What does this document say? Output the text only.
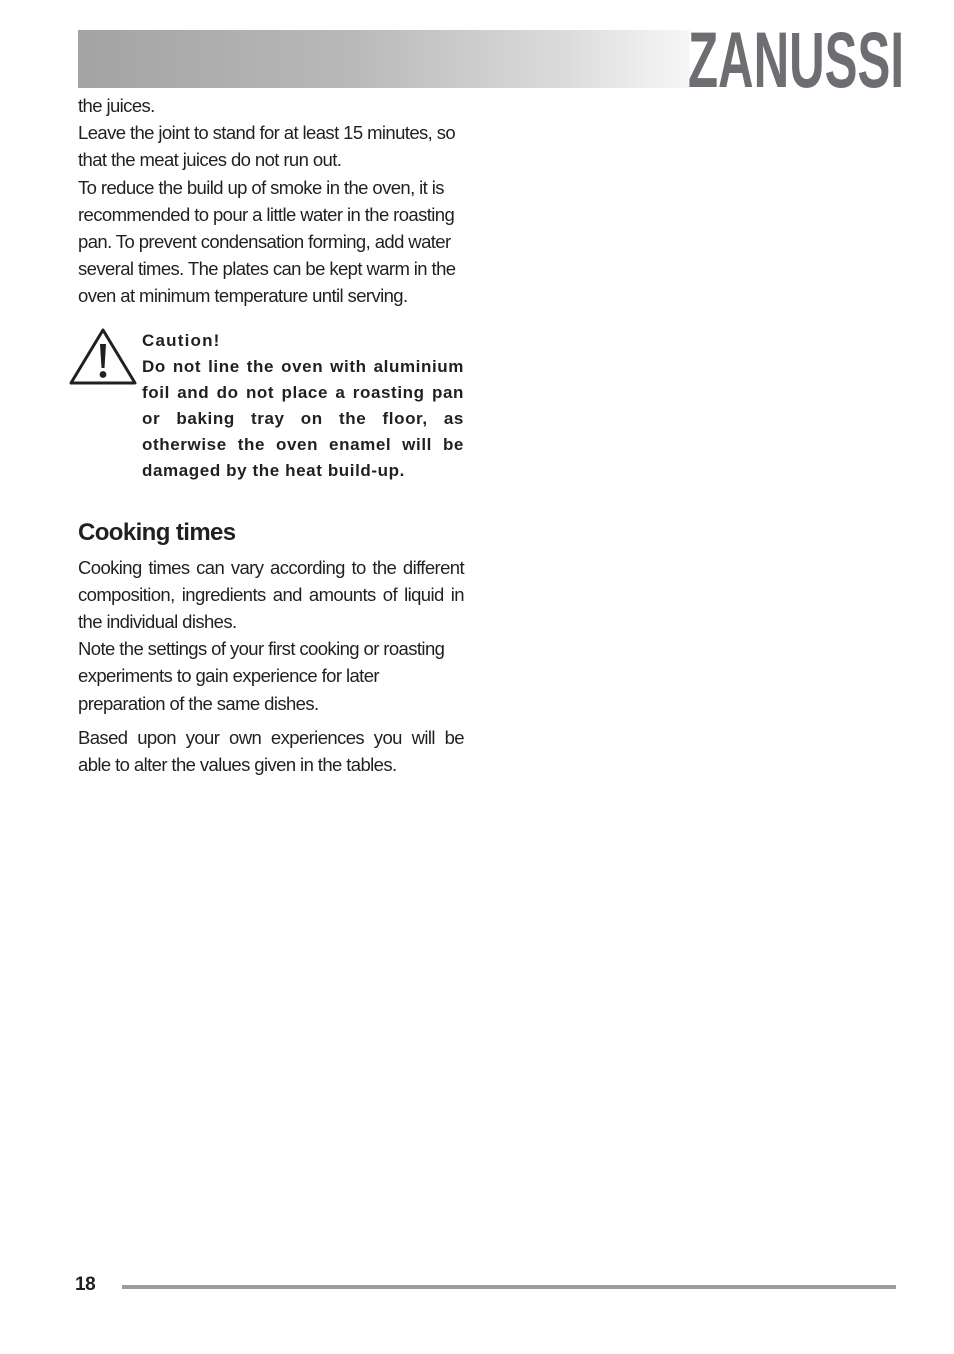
ZANUSSI

the juices.

Leave the joint to stand for at least 15 minutes, so that the meat juices do not run out.

To reduce the build up of smoke in the oven, it is recommended to pour a little water in the roasting pan. To prevent condensation forming, add water several times. The plates can be kept warm in the oven at minimum temperature until serving.

Caution!
Do not line the oven with aluminium foil and do not place a roasting pan or baking tray on the floor, as otherwise the oven enamel will be damaged by the heat build-up.
Cooking times

Cooking times can vary according to the different composition, ingredients and amounts of liquid in the individual dishes.

Note the settings of your first cooking or roasting experiments to gain experience for later preparation of the same dishes.

Based upon your own experiences you will be able to alter the values given in the tables.

18
